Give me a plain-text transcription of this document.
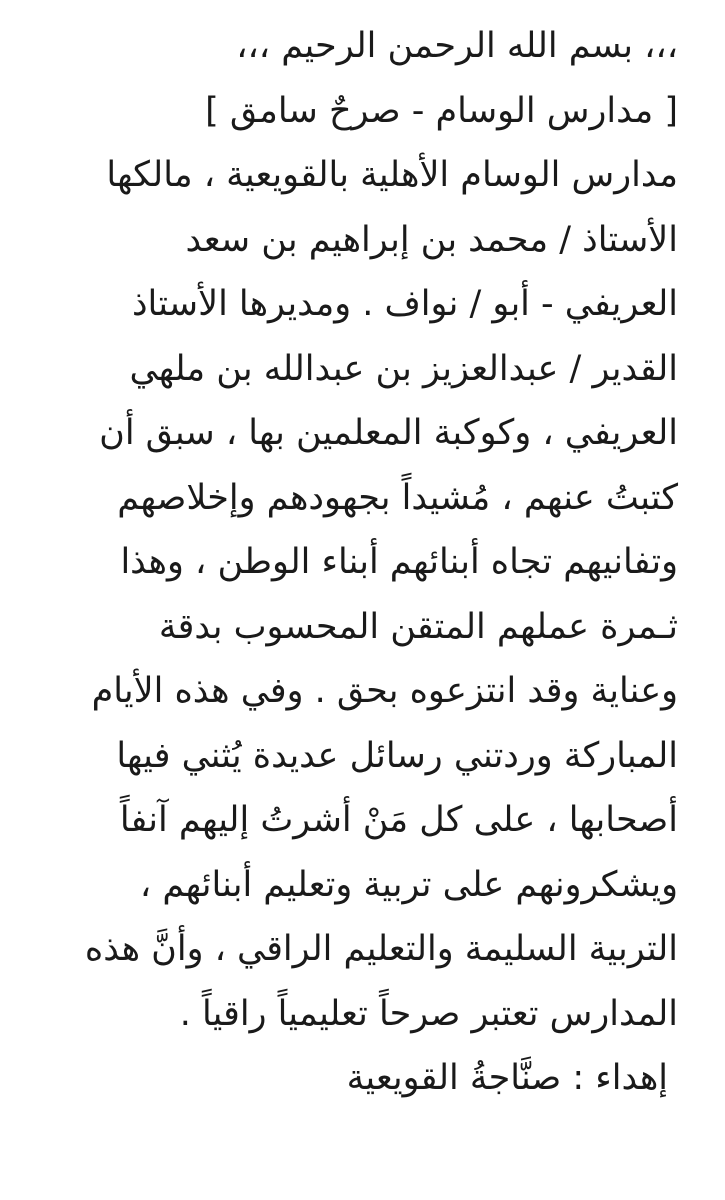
،،، بسم الله الرحمن الرحيم ،،،
[ مدارس الوسام - صرحٌ سامق ]
مدارس الوسام الأهلية بالقويعية ، مالكها
الأستاذ / محمد بن إبراهيم بن سعد
العريفي - أبو / نواف . ومديرها الأستاذ
القدير / عبدالعزيز بن عبدالله بن ملهي
العريفي ، وكوكبة المعلمين بها ، سبق أن
كتبتُ عنهم ، مُشيداً بجهودهم وإخلاصهم
وتفانيهم تجاه أبنائهم أبناء الوطن ، وهذا
ثـمرة عملهم المتقن المحسوب بدقة
وعناية وقد انتزعوه بحق . وفي هذه الأيام
المباركة وردتني رسائل عديدة يُثني فيها
أصحابها ، على كل مَنْ أشرتُ إليهم آنفاً
ويشكرونهم على تربية وتعليم أبنائهم ،
التربية السليمة والتعليم الراقي ، وأنَّ هذه
المدارس تعتبر صرحاً تعليمياً راقياً .
إهداء : صنَّاجةُ القويعية
